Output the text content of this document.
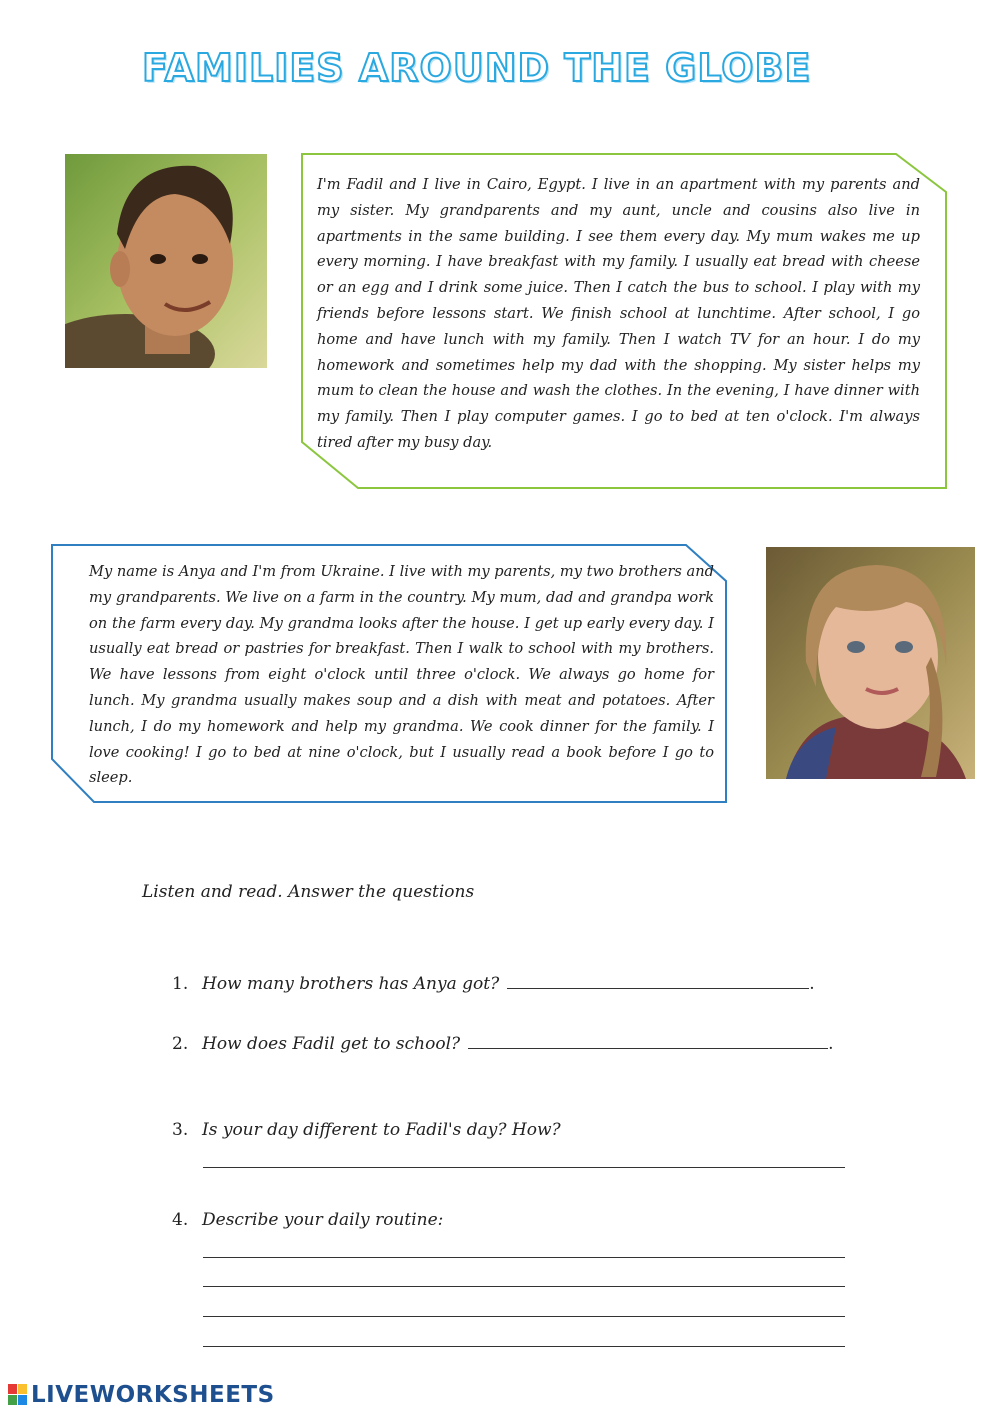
FAMILIES AROUND THE GLOBE
I'm Fadil and I live in Cairo, Egypt. I live in an apartment with my parents and my sister. My grandparents and my aunt, uncle and cousins also live in apartments in the same building. I see them every day. My mum wakes me up every morning. I have breakfast with my family. I usually eat bread with cheese or an egg and I drink some juice. Then I catch the bus to school. I play with my friends before lessons start. We finish school at lunchtime. After school, I go home and have lunch with my family. Then I watch TV for an hour. I do my homework and sometimes help my dad with the shopping. My sister helps my mum to clean the house and wash the clothes. In the evening, I have dinner with my family. Then I play computer games. I go to bed at ten o'clock. I'm always tired after my busy day.
My name is Anya and I'm from Ukraine. I live with my parents, my two brothers and my grandparents. We live on a farm in the country. My mum, dad and grandpa work on the farm every day. My grandma looks after the house. I get up early every day. I usually eat bread or pastries for breakfast. Then I walk to school with my brothers. We have lessons from eight o'clock until three o'clock. We always go home for lunch. My grandma usually makes soup and a dish with meat and potatoes. After lunch, I do my homework and help my grandma. We cook dinner for the family. I love cooking! I go to bed at nine o'clock, but I usually read a book before I go to sleep.
Listen and read. Answer the questions
1. How many brothers has Anya got?	.
2. How does Fadil get to school?	.
3. Is your day different to Fadil's day? How?
4. Describe your daily routine:
LIVEWORKSHEETS
